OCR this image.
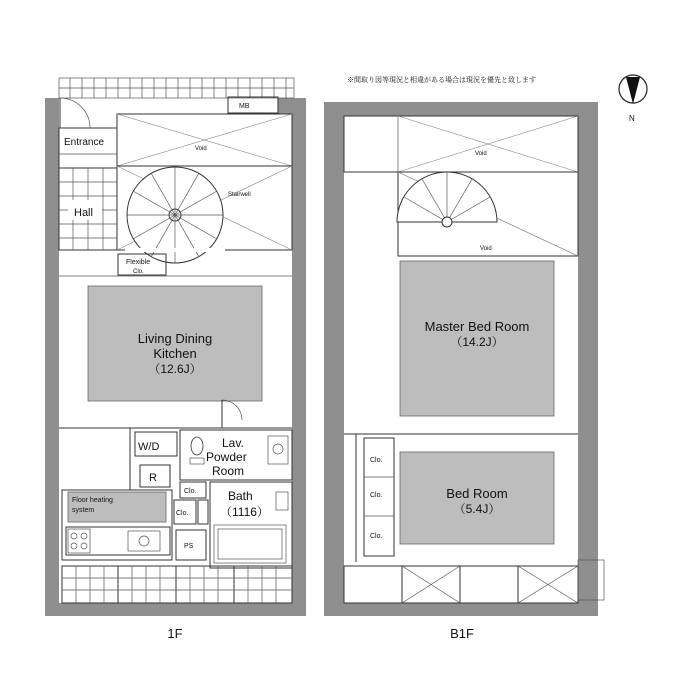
※間取り図等現況と相違がある場合は現況を優先と致します
N
MB
Entrance
Void
Hall
Stairwell
Flexible
Clo.
Living Dining
Kitchen
（12.6J）
W/D
R
Lav.
Powder
Room
Clo.
Clo.
Bath
（1116）
PS
Floor heating
system
1F
Void
Void
Master Bed Room
（14.2J）
Clo.
Clo.
Clo.
Bed Room
（5.4J）
B1F
